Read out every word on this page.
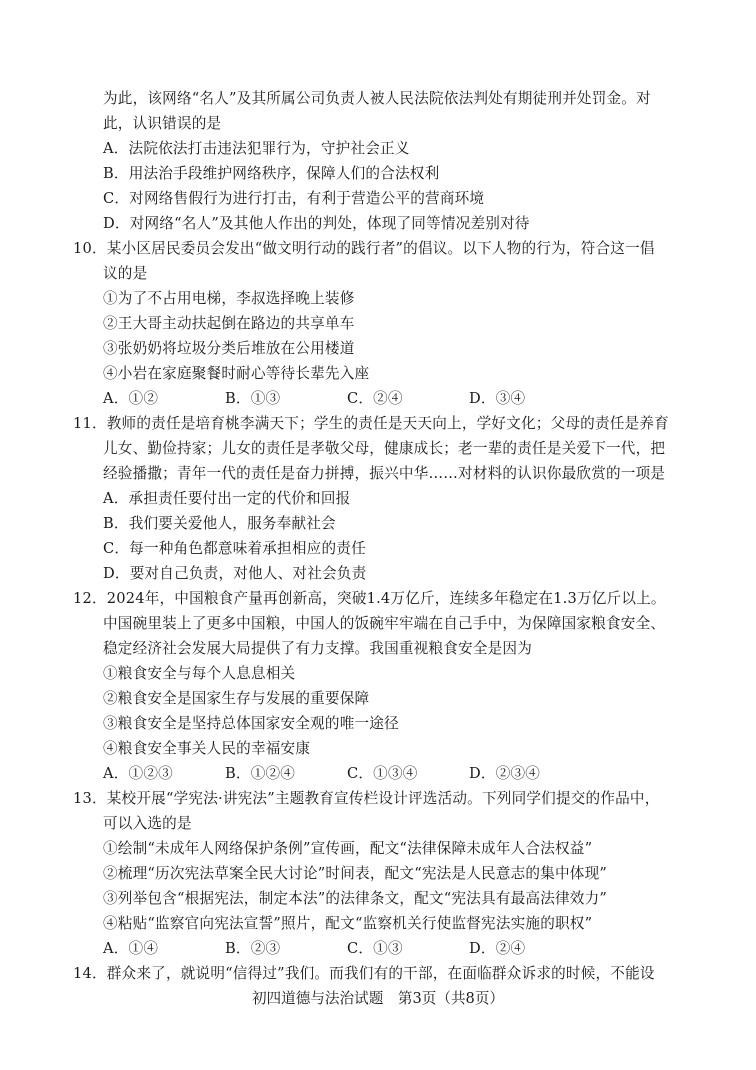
为此，该网络“名人”及其所属公司负责人被人民法院依法判处有期徒刑并处罚金。对
此，认识错误的是
A．法院依法打击违法犯罪行为，守护社会正义
B．用法治手段维护网络秩序，保障人们的合法权利
C．对网络售假行为进行打击，有利于营造公平的营商环境
D．对网络“名人”及其他人作出的判处，体现了同等情况差别对待
10．某小区居民委员会发出“做文明行动的践行者”的倡议。以下人物的行为，符合这一倡
议的是
①为了不占用电梯，李叔选择晚上装修
②王大哥主动扶起倒在路边的共享单车
③张奶奶将垃圾分类后堆放在公用楼道
④小岩在家庭聚餐时耐心等待长辈先入座
A．①②	B．①③	C．②④	D．③④
11．教师的责任是培育桃李满天下；学生的责任是天天向上，学好文化；父母的责任是养育
儿女、勤俭持家；儿女的责任是孝敬父母，健康成长；老一辈的责任是关爱下一代，把
经验播撒；青年一代的责任是奋力拼搏，振兴中华……对材料的认识你最欣赏的一项是
A．承担责任要付出一定的代价和回报
B．我们要关爱他人，服务奉献社会
C．每一种角色都意味着承担相应的责任
D．要对自己负责，对他人、对社会负责
12．2024年，中国粮食产量再创新高，突破1.4万亿斤，连续多年稳定在1.3万亿斤以上。
中国碗里装上了更多中国粮，中国人的饭碗牢牢端在自己手中，为保障国家粮食安全、
稳定经济社会发展大局提供了有力支撑。我国重视粮食安全是因为
①粮食安全与每个人息息相关
②粮食安全是国家生存与发展的重要保障
③粮食安全是坚持总体国家安全观的唯一途径
④粮食安全事关人民的幸福安康
A．①②③	B．①②④	C．①③④	D．②③④
13．某校开展“学宪法·讲宪法”主题教育宣传栏设计评选活动。下列同学们提交的作品中，
可以入选的是
①绘制“未成年人网络保护条例”宣传画，配文“法律保障未成年人合法权益”
②梳理“历次宪法草案全民大讨论”时间表，配文“宪法是人民意志的集中体现”
③列举包含“根据宪法，制定本法”的法律条文，配文“宪法具有最高法律效力”
④粘贴“监察官向宪法宣誓”照片，配文“监察机关行使监督宪法实施的职权”
A．①④	B．②③	C．①③	D．②④
14．群众来了，就说明“信得过”我们。而我们有的干部，在面临群众诉求的时候，不能设
初四道德与法治试题　第3页（共8页）
